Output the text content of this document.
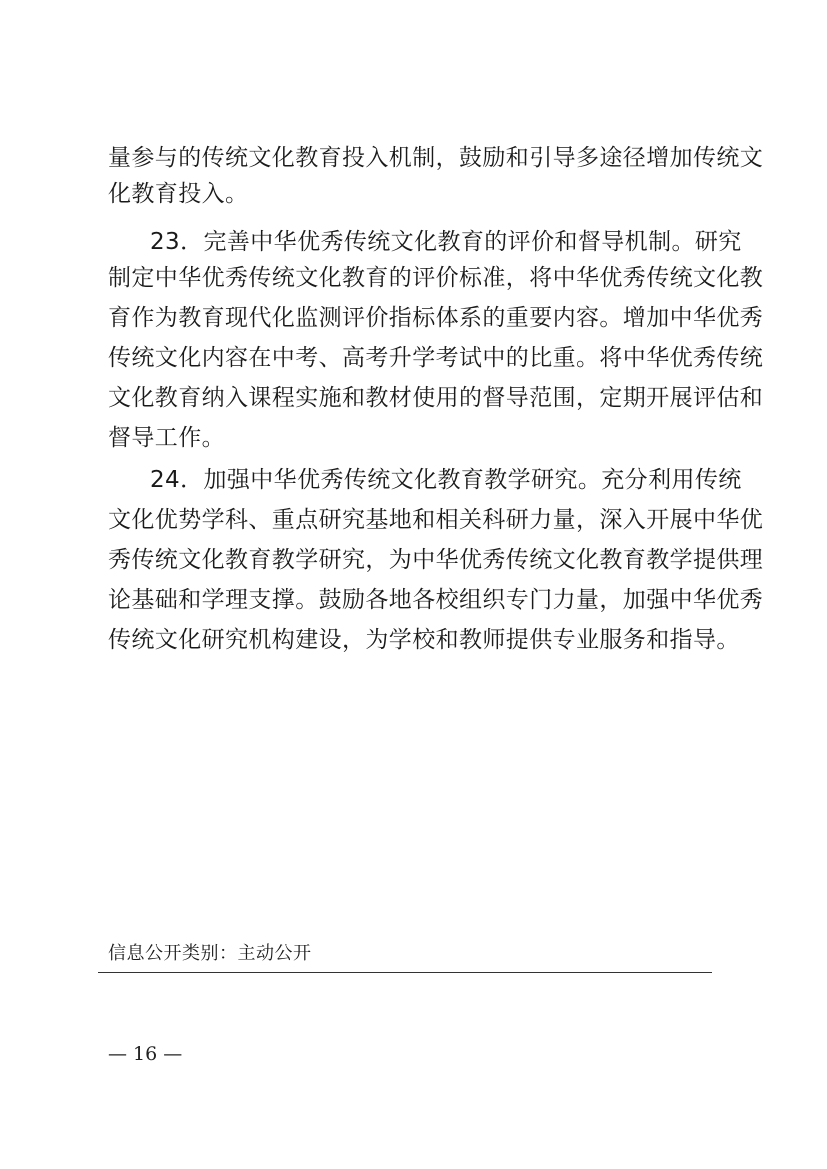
量参与的传统文化教育投入机制，鼓励和引导多途径增加传统文
化教育投入。
23．完善中华优秀传统文化教育的评价和督导机制。研究
制定中华优秀传统文化教育的评价标准，将中华优秀传统文化教
育作为教育现代化监测评价指标体系的重要内容。增加中华优秀
传统文化内容在中考、高考升学考试中的比重。将中华优秀传统
文化教育纳入课程实施和教材使用的督导范围，定期开展评估和
督导工作。
24．加强中华优秀传统文化教育教学研究。充分利用传统
文化优势学科、重点研究基地和相关科研力量，深入开展中华优
秀传统文化教育教学研究，为中华优秀传统文化教育教学提供理
论基础和学理支撑。鼓励各地各校组织专门力量，加强中华优秀
传统文化研究机构建设，为学校和教师提供专业服务和指导。
信息公开类别：主动公开
— 16 —
